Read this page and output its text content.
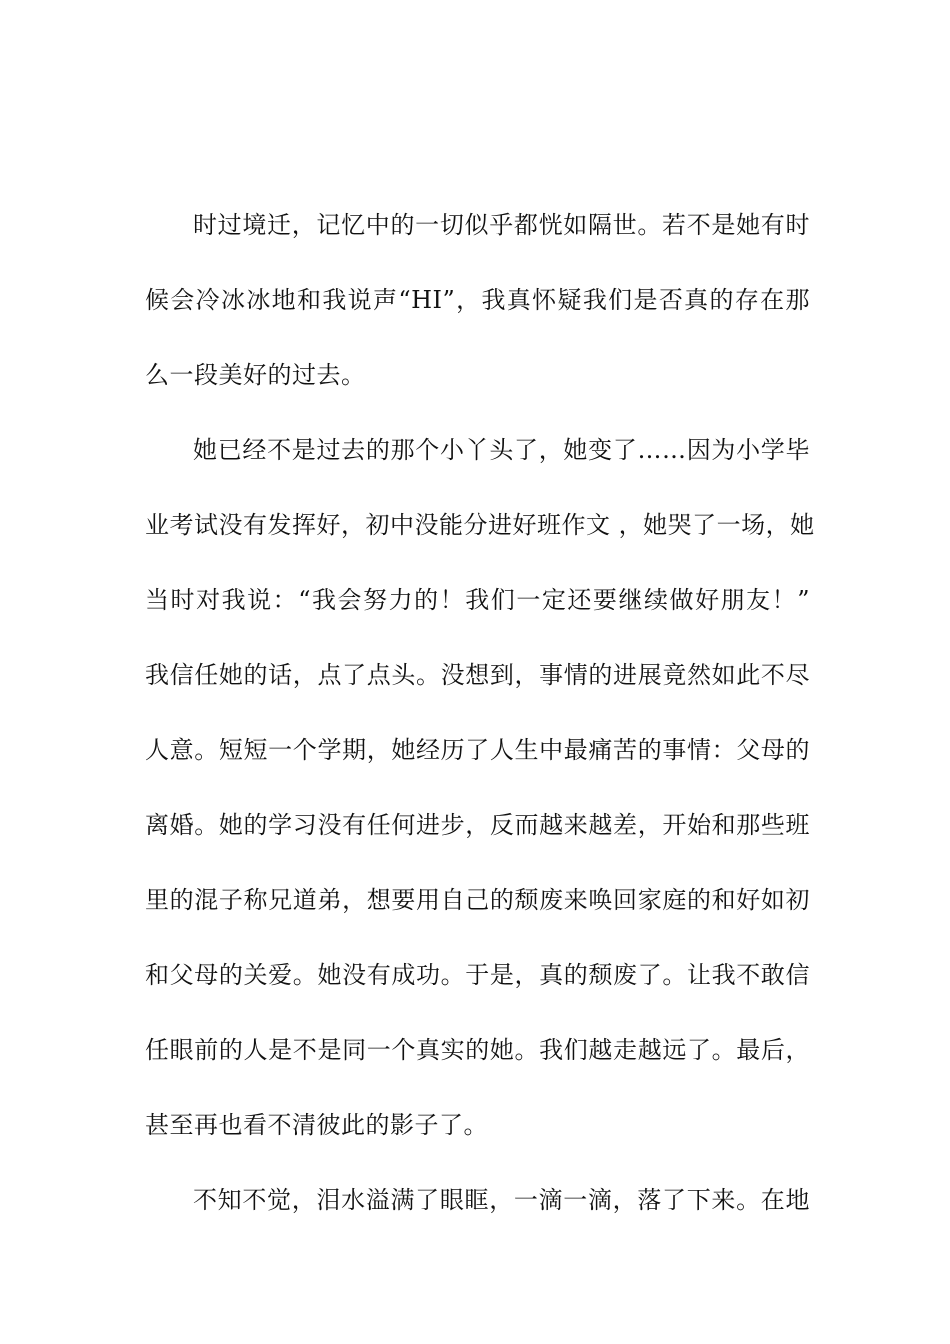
时过境迁，记忆中的一切似乎都恍如隔世。若不是她有时
候会冷冰冰地和我说声“HI”，我真怀疑我们是否真的存在那
么一段美好的过去。
她已经不是过去的那个小丫头了，她变了……因为小学毕
业考试没有发挥好，初中没能分进好班作文 ，她哭了一场，她
当时对我说：“我会努力的！我们一定还要继续做好朋友！”
我信任她的话，点了点头。没想到，事情的进展竟然如此不尽
人意。短短一个学期，她经历了人生中最痛苦的事情：父母的
离婚。她的学习没有任何进步，反而越来越差，开始和那些班
里的混子称兄道弟，想要用自己的颓废来唤回家庭的和好如初
和父母的关爱。她没有成功。于是，真的颓废了。让我不敢信
任眼前的人是不是同一个真实的她。我们越走越远了。最后，
甚至再也看不清彼此的影子了。
不知不觉，泪水溢满了眼眶，一滴一滴，落了下来。在地
